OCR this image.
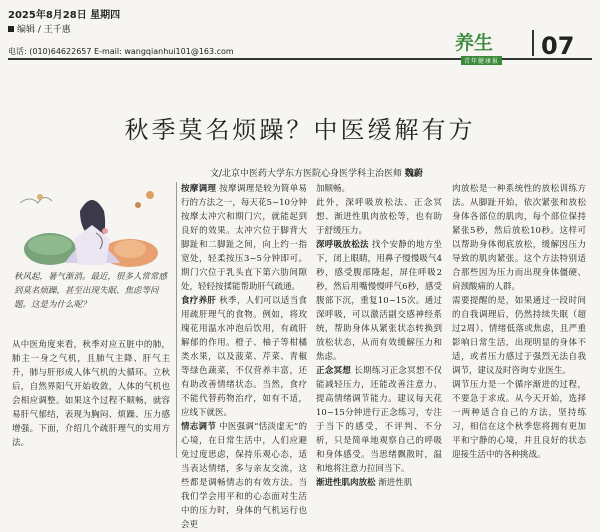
2025年8月28日 星期四
编辑 / 王千惠
电话: (010)64622657 E-mail: wangqianhui101@163.com	养生
青年健康报
07
秋季莫名烦躁？中医缓解有方
文/北京中医药大学东方医院心身医学科主治医师 魏蔚
秋风起，暑气渐消。最近，很多人常常感到莫名烦躁，甚至出现失眠、焦虑等问题。这是为什么呢？

从中医角度来看，秋季对应五脏中的肺，肺主一身之气机，且肺气主降、肝气主升，肺与肝形成人体气机的大循环。立秋后，自然界阳气开始收敛，人体的气机也会相应调整。如果这个过程不顺畅，就容易肝气郁结，表现为胸闷、烦躁、压力感增强。下面，介绍几个疏肝理气的实用方法。

按摩调理 按摩调理是较为简单易行的方法之一，每天花5~10分钟按摩太冲穴和期门穴，就能起到良好的效果。太冲穴位于脚背大脚趾和二脚趾之间，向上约一指宽处，轻柔按压3~5分钟即可。期门穴位于乳头直下第六肋间隙处，轻轻按揉能帮助肝气疏通。

食疗养肝 秋季，人们可以适当食用疏肝理气的食物。例如，将玫瑰花用温水冲泡后饮用，有疏肝解郁的作用。橙子、柚子等柑橘类水果，以及菠菜、芹菜、青椒等绿色蔬菜，不仅营养丰富，还有助改善情绪状态。当然，食疗不能代替药物治疗，如有不适，应线下就医。

情志调节 中医强调“恬淡虚无”的心境，在日常生活中，人们应避免过度思虑，保持乐观心态，适当表达情绪，多与亲友交流，这些都是调畅情志的有效方法。当我们学会用平和的心态面对生活中的压力时，身体的气机运行也会更

加顺畅。

此外，深呼吸放松法、正念冥想、渐进性肌肉放松等，也有助于舒缓压力。

深呼吸放松法 找个安静的地方坐下，闭上眼睛，用鼻子慢慢吸气4秒，感受腹部隆起，屏住呼吸2秒，然后用嘴慢慢呼气6秒，感受腹部下沉，重复10~15次。通过深呼吸，可以激活副交感神经系统，帮助身体从紧张状态转换到放松状态，从而有效缓解压力和焦虑。

正念冥想 长期练习正念冥想不仅能减轻压力，还能改善注意力、提高情绪调节能力。建议每天花10~15分钟进行正念练习，专注于当下的感受，不评判、不分析，只是简单地观察自己的呼吸和身体感受。当思绪飘散时，温和地将注意力拉回当下。

渐进性肌肉放松 渐进性肌

肉放松是一种系统性的放松训练方法。从脚趾开始，依次紧张和放松身体各部位的肌肉，每个部位保持紧张5秒，然后放松10秒。这样可以帮助身体彻底放松，缓解因压力导致的肌肉紧张。这个方法特别适合那些因为压力而出现身体僵硬、肩颈酸痛的人群。

需要提醒的是，如果通过一段时间的自我调理后，仍然持续失眠（超过2周）、情绪低落或焦虑，且严重影响日常生活，出现明显的身体不适，或者压力感过于强烈无法自我调节，建议及时咨询专业医生。

调节压力是一个循序渐进的过程，不要急于求成。从今天开始，选择一两种适合自己的方法，坚持练习，相信在这个秋季您将拥有更加平和宁静的心境，并且良好的状态迎接生活中的各种挑战。
